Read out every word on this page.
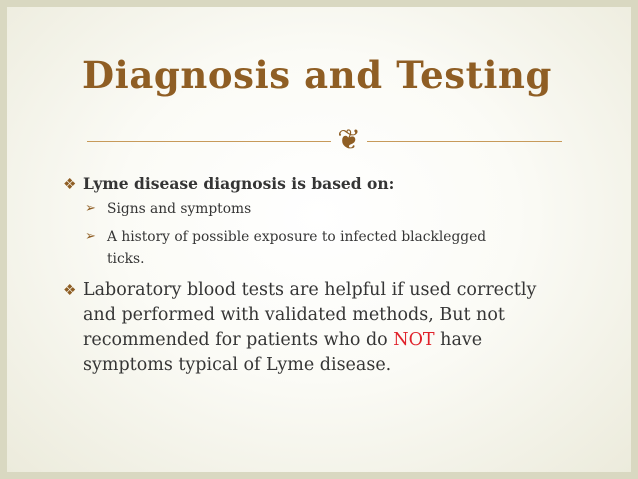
Diagnosis and Testing
❦
❖ Lyme disease diagnosis is based on:
➢ Signs and symptoms
➢ A history of possible exposure to infected blacklegged
ticks.
❖ Laboratory blood tests are helpful if used correctly
and performed with validated methods, But not
recommended for patients who do NOT have
symptoms typical of Lyme disease.
